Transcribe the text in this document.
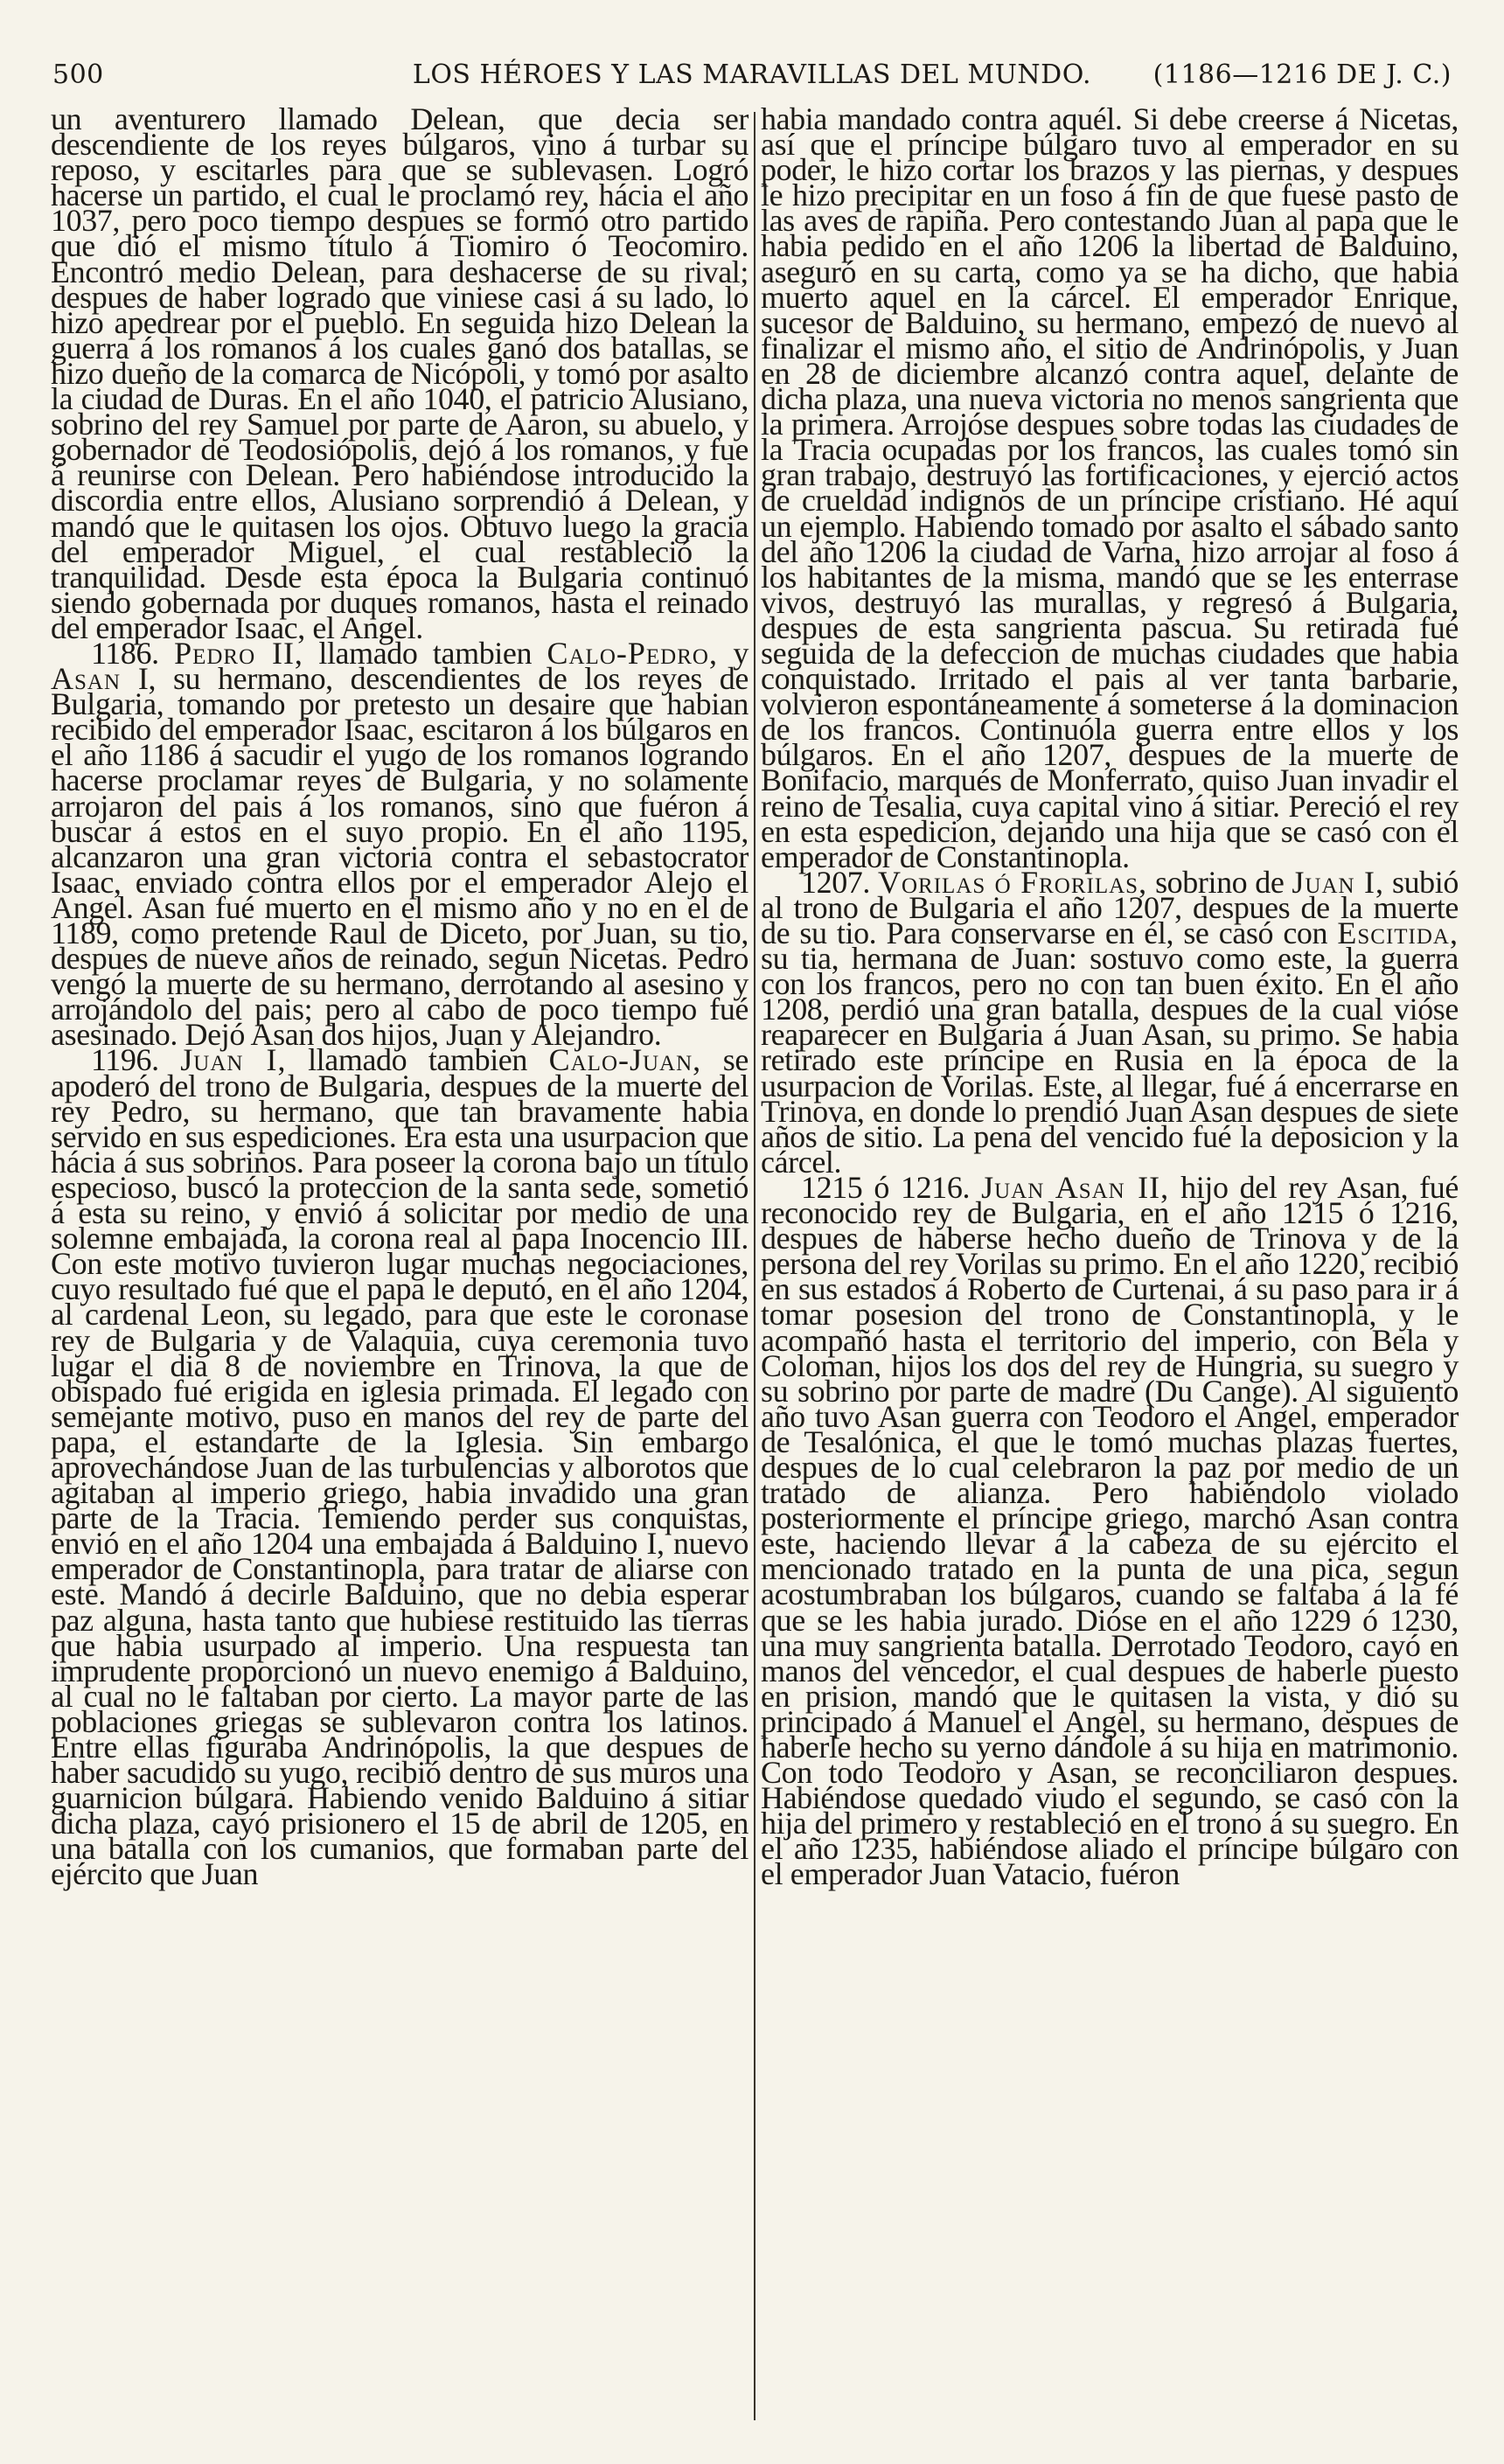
500	LOS HÉROES Y LAS MARAVILLAS DEL MUNDO.	(1186—1216 DE J. C.)

un aventurero llamado Delean, que decia ser descendiente de los reyes búlgaros, vino á turbar su reposo, y escitarles para que se sublevasen. Logró hacerse un partido, el cual le proclamó rey, hácia el año 1037, pero poco tiempo despues se formó otro partido que dió el mismo título á Tiomiro ó Teocomiro. Encontró medio Delean, para deshacerse de su rival; despues de haber logrado que viniese casi á su lado, lo hizo apedrear por el pueblo. En seguida hizo Delean la guerra á los romanos á los cuales ganó dos batallas, se hizo dueño de la comarca de Nicópoli, y tomó por asalto la ciudad de Duras. En el año 1040, el patricio Alusiano, sobrino del rey Samuel por parte de Aaron, su abuelo, y gobernador de Teodosiópolis, dejó á los romanos, y fue á reunirse con Delean. Pero habiéndose introducido la discordia entre ellos, Alusiano sorprendió á Delean, y mandó que le quitasen los ojos. Obtuvo luego la gracia del emperador Miguel, el cual restableció la tranquilidad. Desde esta época la Bulgaria continuó siendo gobernada por duques romanos, hasta el reinado del emperador Isaac, el Angel.

1186. Pedro II, llamado tambien Calo-Pedro, y Asan I, su hermano, descendientes de los reyes de Bulgaria, tomando por pretesto un desaire que habian recibido del emperador Isaac, escitaron á los búlgaros en el año 1186 á sacudir el yugo de los romanos logrando hacerse proclamar reyes de Bulgaria, y no solamente arrojaron del pais á los romanos, sino que fuéron á buscar á estos en el suyo propio. En el año 1195, alcanzaron una gran victoria contra el sebastocrator Isaac, enviado contra ellos por el emperador Alejo el Angel. Asan fué muerto en el mismo año y no en el de 1189, como pretende Raul de Diceto, por Juan, su tio, despues de nueve años de reinado, segun Nicetas. Pedro vengó la muerte de su hermano, derrotando al asesino y arrojándolo del pais; pero al cabo de poco tiempo fué asesinado. Dejó Asan dos hijos, Juan y Alejandro.

1196. Juan I, llamado tambien Calo-Juan, se apoderó del trono de Bulgaria, despues de la muerte del rey Pedro, su hermano, que tan bravamente habia servido en sus espediciones. Era esta una usurpacion que hácia á sus sobrinos. Para poseer la corona bajo un título especioso, buscó la proteccion de la santa sede, sometió á esta su reino, y envió á solicitar por medio de una solemne embajada, la corona real al papa Inocencio III. Con este motivo tuvieron lugar muchas negociaciones, cuyo resultado fué que el papa le deputó, en el año 1204, al cardenal Leon, su legado, para que este le coronase rey de Bulgaria y de Valaquia, cuya ceremonia tuvo lugar el dia 8 de noviembre en Trinova, la que de obispado fué erigida en iglesia primada. El legado con semejante motivo, puso en manos del rey de parte del papa, el estandarte de la Iglesia. Sin embargo aprovechándose Juan de las turbulencias y alborotos que agitaban al imperio griego, habia invadido una gran parte de la Tracia. Temiendo perder sus conquistas, envió en el año 1204 una embajada á Balduino I, nuevo emperador de Constantinopla, para tratar de aliarse con este. Mandó á decirle Balduino, que no debia esperar paz alguna, hasta tanto que hubiese restituido las tierras que habia usurpado al imperio. Una respuesta tan imprudente proporcionó un nuevo enemigo á Balduino, al cual no le faltaban por cierto. La mayor parte de las poblaciones griegas se sublevaron contra los latinos. Entre ellas figuraba Andrinópolis, la que despues de haber sacudido su yugo, recibió dentro de sus muros una guarnicion búlgara. Habiendo venido Balduino á sitiar dicha plaza, cayó prisionero el 15 de abril de 1205, en una batalla con los cumanios, que formaban parte del ejército que Juan

habia mandado contra aquél. Si debe creerse á Nicetas, así que el príncipe búlgaro tuvo al emperador en su poder, le hizo cortar los brazos y las piernas, y despues le hizo precipitar en un foso á fin de que fuese pasto de las aves de rapiña. Pero contestando Juan al papa que le habia pedido en el año 1206 la libertad de Balduino, aseguró en su carta, como ya se ha dicho, que habia muerto aquel en la cárcel. El emperador Enrique, sucesor de Balduino, su hermano, empezó de nuevo al finalizar el mismo año, el sitio de Andrinópolis, y Juan en 28 de diciembre alcanzó contra aquel, delante de dicha plaza, una nueva victoria no menos sangrienta que la primera. Arrojóse despues sobre todas las ciudades de la Tracia ocupadas por los francos, las cuales tomó sin gran trabajo, destruyó las fortificaciones, y ejerció actos de crueldad indignos de un príncipe cristiano. Hé aquí un ejemplo. Habiendo tomado por asalto el sábado santo del año 1206 la ciudad de Varna, hizo arrojar al foso á los habitantes de la misma, mandó que se les enterrase vivos, destruyó las murallas, y regresó á Bulgaria, despues de esta sangrienta pascua. Su retirada fué seguida de la defeccion de muchas ciudades que habia conquistado. Irritado el pais al ver tanta barbarie, volvieron espontáneamente á someterse á la dominacion de los francos. Continuóla guerra entre ellos y los búlgaros. En el año 1207, despues de la muerte de Bonifacio, marqués de Monferrato, quiso Juan invadir el reino de Tesalia, cuya capital vino á sitiar. Pereció el rey en esta espedicion, dejando una hija que se casó con el emperador de Constantinopla.

1207. Vorilas ó Frorilas, sobrino de Juan I, subió al trono de Bulgaria el año 1207, despues de la muerte de su tio. Para conservarse en él, se casó con Escitida, su tia, hermana de Juan: sostuvo como este, la guerra con los francos, pero no con tan buen éxito. En el año 1208, perdió una gran batalla, despues de la cual vióse reaparecer en Bulgaria á Juan Asan, su primo. Se habia retirado este príncipe en Rusia en la época de la usurpacion de Vorilas. Este, al llegar, fué á encerrarse en Trinova, en donde lo prendió Juan Asan despues de siete años de sitio. La pena del vencido fué la deposicion y la cárcel.

1215 ó 1216. Juan Asan II, hijo del rey Asan, fué reconocido rey de Bulgaria, en el año 1215 ó 1216, despues de haberse hecho dueño de Trinova y de la persona del rey Vorilas su primo. En el año 1220, recibió en sus estados á Roberto de Curtenai, á su paso para ir á tomar posesion del trono de Constantinopla, y le acompañó hasta el territorio del imperio, con Bela y Coloman, hijos los dos del rey de Hungria, su suegro y su sobrino por parte de madre (Du Cange). Al siguiento año tuvo Asan guerra con Teodoro el Angel, emperador de Tesalónica, el que le tomó muchas plazas fuertes, despues de lo cual celebraron la paz por medio de un tratado de alianza. Pero habiéndolo violado posteriormente el príncipe griego, marchó Asan contra este, haciendo llevar á la cabeza de su ejército el mencionado tratado en la punta de una pica, segun acostumbraban los búlgaros, cuando se faltaba á la fé que se les habia jurado. Dióse en el año 1229 ó 1230, una muy sangrienta batalla. Derrotado Teodoro, cayó en manos del vencedor, el cual despues de haberle puesto en prision, mandó que le quitasen la vista, y dió su principado á Manuel el Angel, su hermano, despues de haberle hecho su yerno dándole á su hija en matrimonio. Con todo Teodoro y Asan, se reconciliaron despues. Habiéndose quedado viudo el segundo, se casó con la hija del primero y restableció en el trono á su suegro. En el año 1235, habiéndose aliado el príncipe búlgaro con el emperador Juan Vatacio, fuéron
